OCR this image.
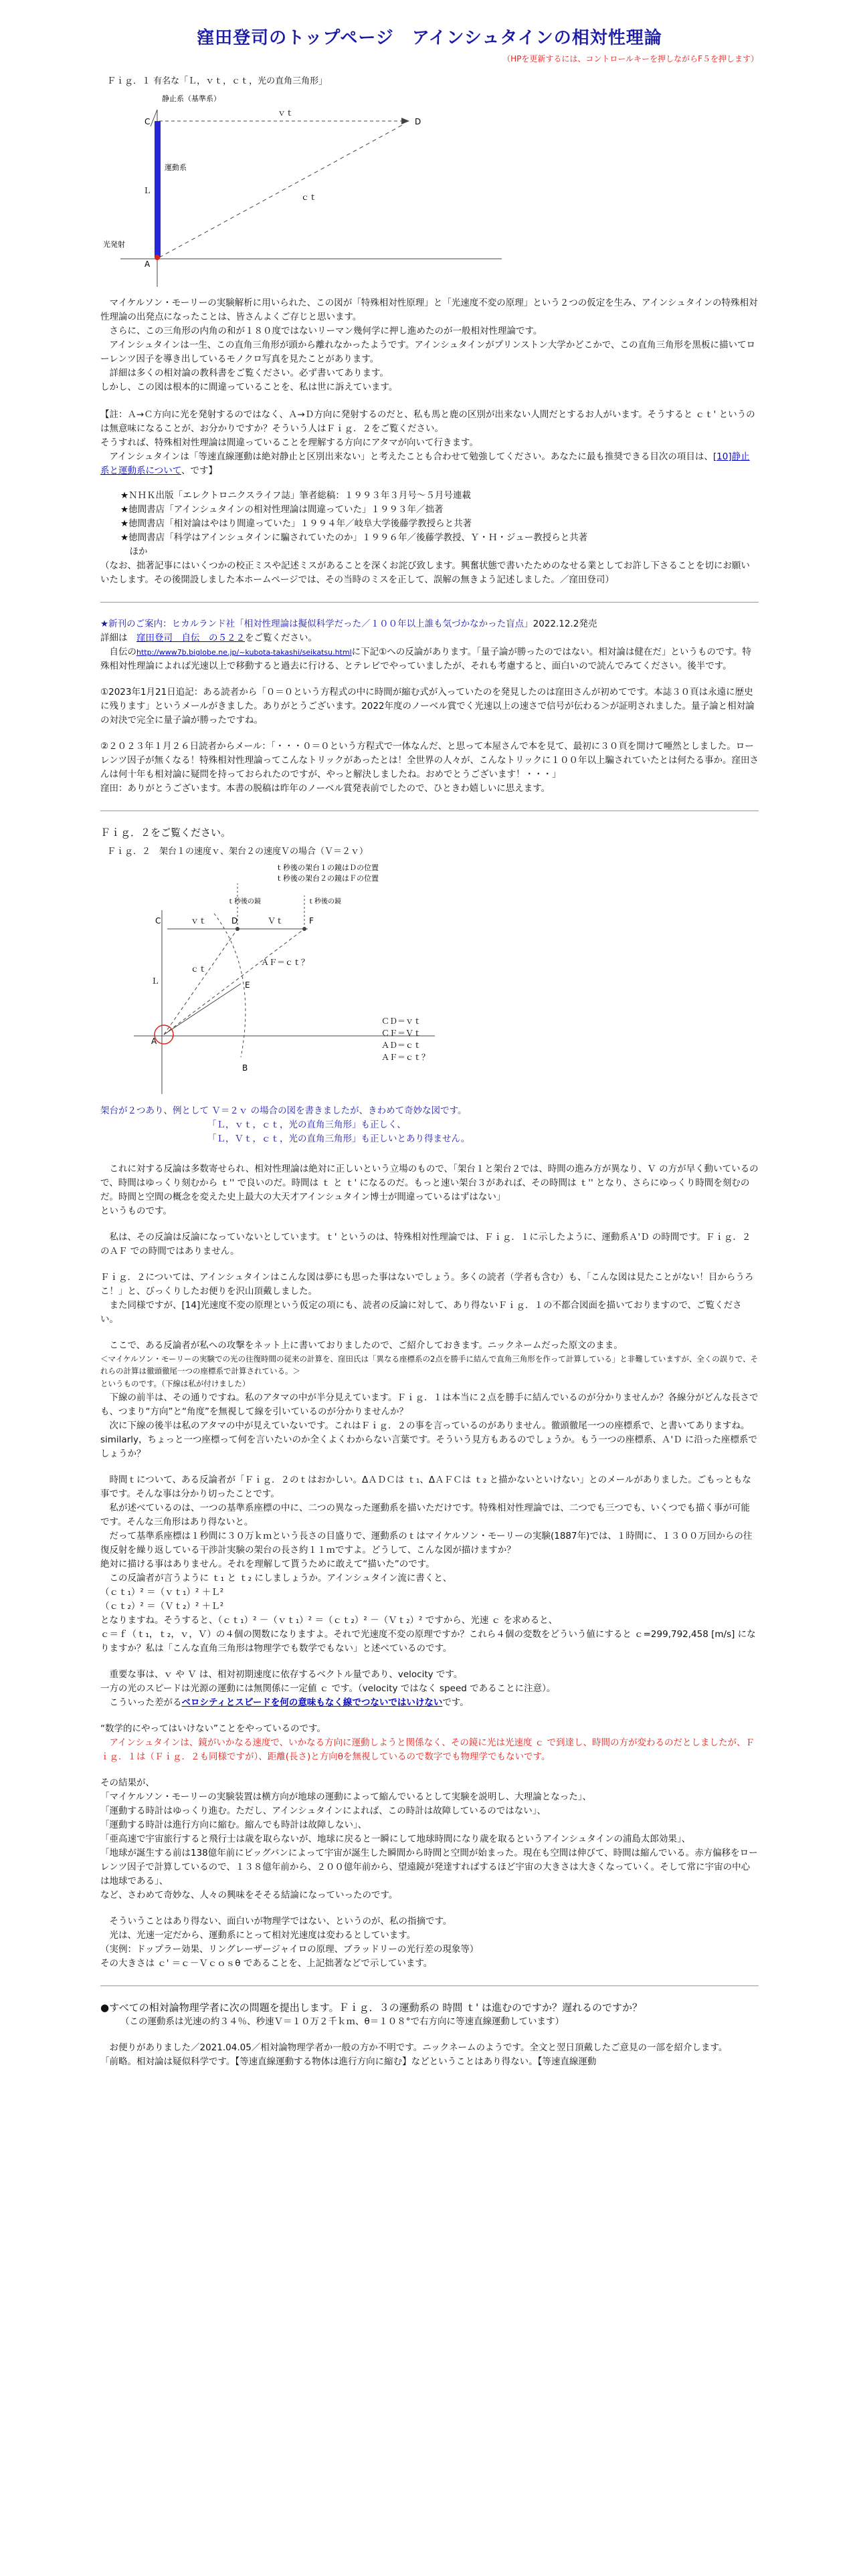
窪田登司のトップページ　アインシュタインの相対性理論
（HPを更新するには、コントロールキーを押しながらF５を押します）

Ｆｉｇ．１ 有名な「Ｌ，ｖｔ，ｃｔ，光の直角三角形」

静止系（基準系）
運動系
C	D
A
Ｌ
ｖｔ
ｃｔ
光発射

　マイケルソン・モーリーの実験解析に用いられた、この図が「特殊相対性原理」と「光速度不変の原理」という２つの仮定を生み、アインシュタインの特殊相対性理論の出発点になったことは、皆さんよくご存じと思います。

　さらに、この三角形の内角の和が１８０度ではないリーマン幾何学に押し進めたのが一般相対性理論です。

　アインシュタインは一生、この直角三角形が頭から離れなかったようです。アインシュタインがプリンストン大学かどこかで、この直角三角形を黒板に描いてローレンツ因子を導き出しているモノクロ写真を見たことがあります。

　詳細は多くの相対論の教科書をご覧ください。必ず書いてあります。

しかし、この図は根本的に間違っていることを、私は世に訴えています。

【註：Ａ→Ｃ方向に光を発射するのではなく、Ａ→Ｄ方向に発射するのだと、私も馬と鹿の区別が出来ない人間だとするお人がいます。そうすると ｃｔ' というのは無意味になることが、お分かりですか？そういう人はＦｉｇ．２をご覧ください。

そうすれば、特殊相対性理論は間違っていることを理解する方向にアタマが向いて行きます。

　アインシュタインは「等速直線運動は絶対静止と区別出来ない」と考えたことも合わせて勉強してください。あなたに最も推奨できる目次の項目は、[10]静止系と運動系について、です】

★ＮＨＫ出版「エレクトロニクスライフ誌」筆者総稿：１９９３年３月号～５月号連載

★徳間書店「アインシュタインの相対性理論は間違っていた」１９９３年／拙著

★徳間書店「相対論はやはり間違っていた」１９９４年／岐阜大学後藤学教授らと共著

★徳間書店「科学はアインシュタインに騙されていたのか」１９９６年／後藤学教授、Ｙ・Ｈ・ジュー教授らと共著

　ほか

（なお、拙著記事にはいくつかの校正ミスや記述ミスがあることを深くお詫び致します。興奮状態で書いたためのなせる業としてお許し下さることを切にお願いいたします。その後開設しました本ホームページでは、その当時のミスを正して、誤解の無きよう記述しました。／窪田登司）

★新刊のご案内：ヒカルランド社「相対性理論は擬似科学だった／１００年以上誰も気づかなかった盲点」2022.12.2発売

詳細は　窪田登司　自伝　の５２２をご覧ください。

　自伝のhttp://www7b.biglobe.ne.jp/~kubota-takashi/seikatsu.htmlに下記①への反論があります。「量子論が勝ったのではない。相対論は健在だ」というものです。特殊相対性理論によれば光速以上で移動すると過去に行ける、とテレビでやっていましたが、それも考慮すると、面白いので読んでみてください。後半です。

①2023年1月21日追記：ある読者から「０＝０という方程式の中に時間が縮む式が入っていたのを発見したのは窪田さんが初めてです。本誌３０頁は永遠に歴史に残ります」というメールがきました。ありがとうございます。2022年度のノーベル賞でく光速以上の速さで信号が伝わる＞が証明されました。量子論と相対論の対決で完全に量子論が勝ったですね。

②２０２３年１月２６日読者からメール：「・・・０＝０という方程式で一体なんだ、と思って本屋さんで本を見て、最初に３０頁を開けて唖然としました。ローレンツ因子が無くなる！特殊相対性理論ってこんなトリックがあったとは！全世界の人々が、こんなトリックに１００年以上騙されていたとは何たる事か。窪田さんは何十年も相対論に疑問を持っておられたのですが、やっと解決しましたね。おめでとうございます！・・・」

窪田：ありがとうございます。本書の脱稿は昨年のノーベル賞発表前でしたので、ひときわ嬉しいに思えます。

Ｆｉｇ．２をご覧ください。

Ｆｉｇ．２　架台１の速度ｖ、架台２の速度Ｖの場合（Ｖ＝２ｖ）

ｔ秒後の架台１の鏡はＤの位置
ｔ秒後の架台２の鏡はＦの位置
ｔ秒後の鏡	ｔ秒後の鏡
C	D	F
A
B
E
ｖｔ	Ｖｔ
ｃｔ
Ｌ
ＡＦ＝ｃｔ？
ＣＤ＝ｖｔ
ＣＦ＝Ｖｔ
ＡＤ＝ｃｔ
ＡＦ＝ｃｔ？

架台が２つあり、例として Ｖ＝２ｖ の場合の図を書きましたが、きわめて奇妙な図です。

「Ｌ，ｖｔ，ｃｔ，光の直角三角形」も正しく、

「Ｌ，Ｖｔ，ｃｔ，光の直角三角形」も正しいとあり得ません。

　これに対する反論は多数寄せられ、相対性理論は絶対に正しいという立場のもので、「架台１と架台２では、時間の進み方が異なり、Ｖ の方が早く動いているので、時間はゆっくり刻むから ｔ'' で良いのだ。時間は ｔ と ｔ' になるのだ。もっと速い架台３があれば、その時間は ｔ'' となり、さらにゆっくり時間を刻むのだ。時間と空間の概念を変えた史上最大の大天才アインシュタイン博士が間違っているはずはない」

というものです。

　私は、その反論は反論になっていないとしています。ｔ' というのは、特殊相対性理論では、Ｆｉｇ．１に示したように、運動系Ａ'Ｄ の時間です。Ｆｉｇ．２のＡＦ での時間ではありません。

Ｆｉｇ．２については、アインシュタインはこんな図は夢にも思った事はないでしょう。多くの読者（学者も含む）も、「こんな図は見たことがない！目からうろこ！」と、びっくりしたお便りを沢山頂戴しました。

　また同様ですが、[14]光速度不変の原理という仮定の項にも、読者の反論に対して、あり得ないＦｉｇ．１の不都合図面を描いておりますので、ご覧ください。

　ここで、ある反論者が私への攻撃をネット上に書いておりましたので、ご紹介しておきます。ニックネームだった原文のまま。

＜マイケルソン・モーリーの実験での光の往復時間の従来の計算を、窪田氏は「異なる座標系の2点を勝手に結んで直角三角形を作って計算している」と非難していますが、全くの誤りで、それらの計算は徹頭徹尾一つの座標系で計算されている。＞

というものです。（下線は私が付けました）

　下線の前半は、その通りですね。私のアタマの中が半分見えています。Ｆｉｇ．１は本当に２点を勝手に結んでいるのが分かりませんか？各線分がどんな長さでも、つまり“方向”と“角度”を無視して線を引いているのが分かりませんか？

　次に下線の後半は私のアタマの中が見えていないです。これはＦｉｇ．２の事を言っているのがありません。徹頭徹尾一つの座標系で、と書いてありますね。similarly，ちょっと一つ座標って何を言いたいのか全くよくわからない言葉です。そういう見方もあるのでしょうか。もう一つの座標系、Ａ'Ｄ に沿った座標系でしょうか？

　時間ｔについて、ある反論者が「Ｆｉｇ．２のｔはおかしい。ΔＡＤＣは ｔ₁、ΔＡＦＣは ｔ₂ と描かないといけない」とのメールがありました。ごもっともな事です。そんな事は分かり切ったことです。

　私が述べているのは、一つの基準系座標の中に、二つの異なった運動系を描いただけです。特殊相対性理論では、二つでも三つでも、いくつでも描く事が可能です。そんな三角形はあり得ないと。

　だって基準系座標は１秒間に３０万ｋｍという長さの目盛りで、運動系のｔはマイケルソン・モーリーの実験(1887年)では、１時間に、１３００万回からの往復反射を繰り返している干渉計実験の架台の長さ約１１ｍですよ。どうして、こんな図が描けますか？

絶対に描ける事はありません。それを理解して貰うために敢えて“描いた”のです。

　この反論者が言うように ｔ₁ と ｔ₂ にしましょうか。アインシュタイン流に書くと、

（ｃｔ₁）² ＝（ｖｔ₁）² ＋Ｌ²

（ｃｔ₂）² ＝（Ｖｔ₂）² ＋Ｌ²

となりますね。そうすると、（ｃｔ₁）² －（ｖｔ₁）² ＝（ｃｔ₂）² －（Ｖｔ₂）² ですから、光速 ｃ を求めると、

ｃ＝ｆ（ｔ₁，ｔ₂，ｖ，Ｖ）の４個の関数になりますよ。それで光速度不変の原理ですか？これら４個の変数をどういう値にすると ｃ=299,792,458 [m/s] になりますか？私は「こんな直角三角形は物理学でも数学でもない」と述べているのです。

　重要な事は、ｖ や Ｖ は、相対初期速度に依存するベクトル量であり、velocity です。

一方の光のスピードは光源の運動には無関係に一定値 ｃ です。（velocity ではなく speed であることに注意）。

　こういった差がるベロシティとスピードを何の意味もなく線でつないではいけないです。

“数学的にやってはいけない”ことをやっているのです。

　アインシュタインは、鏡がいかなる速度で、いかなる方向に運動しようと関係なく、その鏡に光は光速度 ｃ で到達し、時間の方が変わるのだとしましたが、Ｆｉｇ．１は（Ｆｉｇ．２も同様ですが）、距離(長さ)と方向θを無視しているので数字でも物理学でもないです。

その結果が、

「マイケルソン・モーリーの実験装置は横方向が地球の運動によって縮んでいるとして実験を説明し、大理論となった」、

「運動する時計はゆっくり進む。ただし、アインシュタインによれば、この時計は故障しているのではない」、

「運動する時計は進行方向に縮む。縮んでも時計は故障しない」、

「亜高速で宇宙旅行すると飛行士は歳を取らないが、地球に戻ると一瞬にして地球時間になり歳を取るというアインシュタインの浦島太郎効果」、

「地球が誕生する前は138億年前にビッグバンによって宇宙が誕生した瞬間から時間と空間が始まった。現在も空間は伸びて、時間は縮んでいる。赤方偏移をローレンツ因子で計算しているので、１３８億年前から、２００億年前から、望遠鏡が発達すればするほど宇宙の大きさは大きくなっていく。そして常に宇宙の中心は地球である」、

など、さわめて奇妙な、人々の興味をそそる結論になっていったのです。

　そういうことはあり得ない、面白いが物理学ではない、というのが、私の指摘です。

　光は、光速一定だから、運動系にとって相対光速度は変わるとしています。

（実例：ドップラー効果、リングレーザージャイロの原理、ブラッドリーの光行差の現象等）

その大きさは ｃ' ＝ｃ－Ｖｃｏｓθ であることを、上記拙著などで示しています。

●すべての相対論物理学者に次の問題を提出します。Ｆｉｇ．３の運動系の 時間 ｔ' は進むのですか？遅れるのですか？

（この運動系は光速の約３４％、秒速Ｖ＝１０万２千ｋｍ、θ＝１０８°で右方向に等速直線運動しています）

　お便りがありました／2021.04.05／相対論物理学者か一般の方か不明です。ニックネームのようです。全文と翌日頂戴したご意見の一部を紹介します。

「前略。相対論は疑似科学です。【等速直線運動する物体は進行方向に縮む】などということはあり得ない。【等速直線運動
